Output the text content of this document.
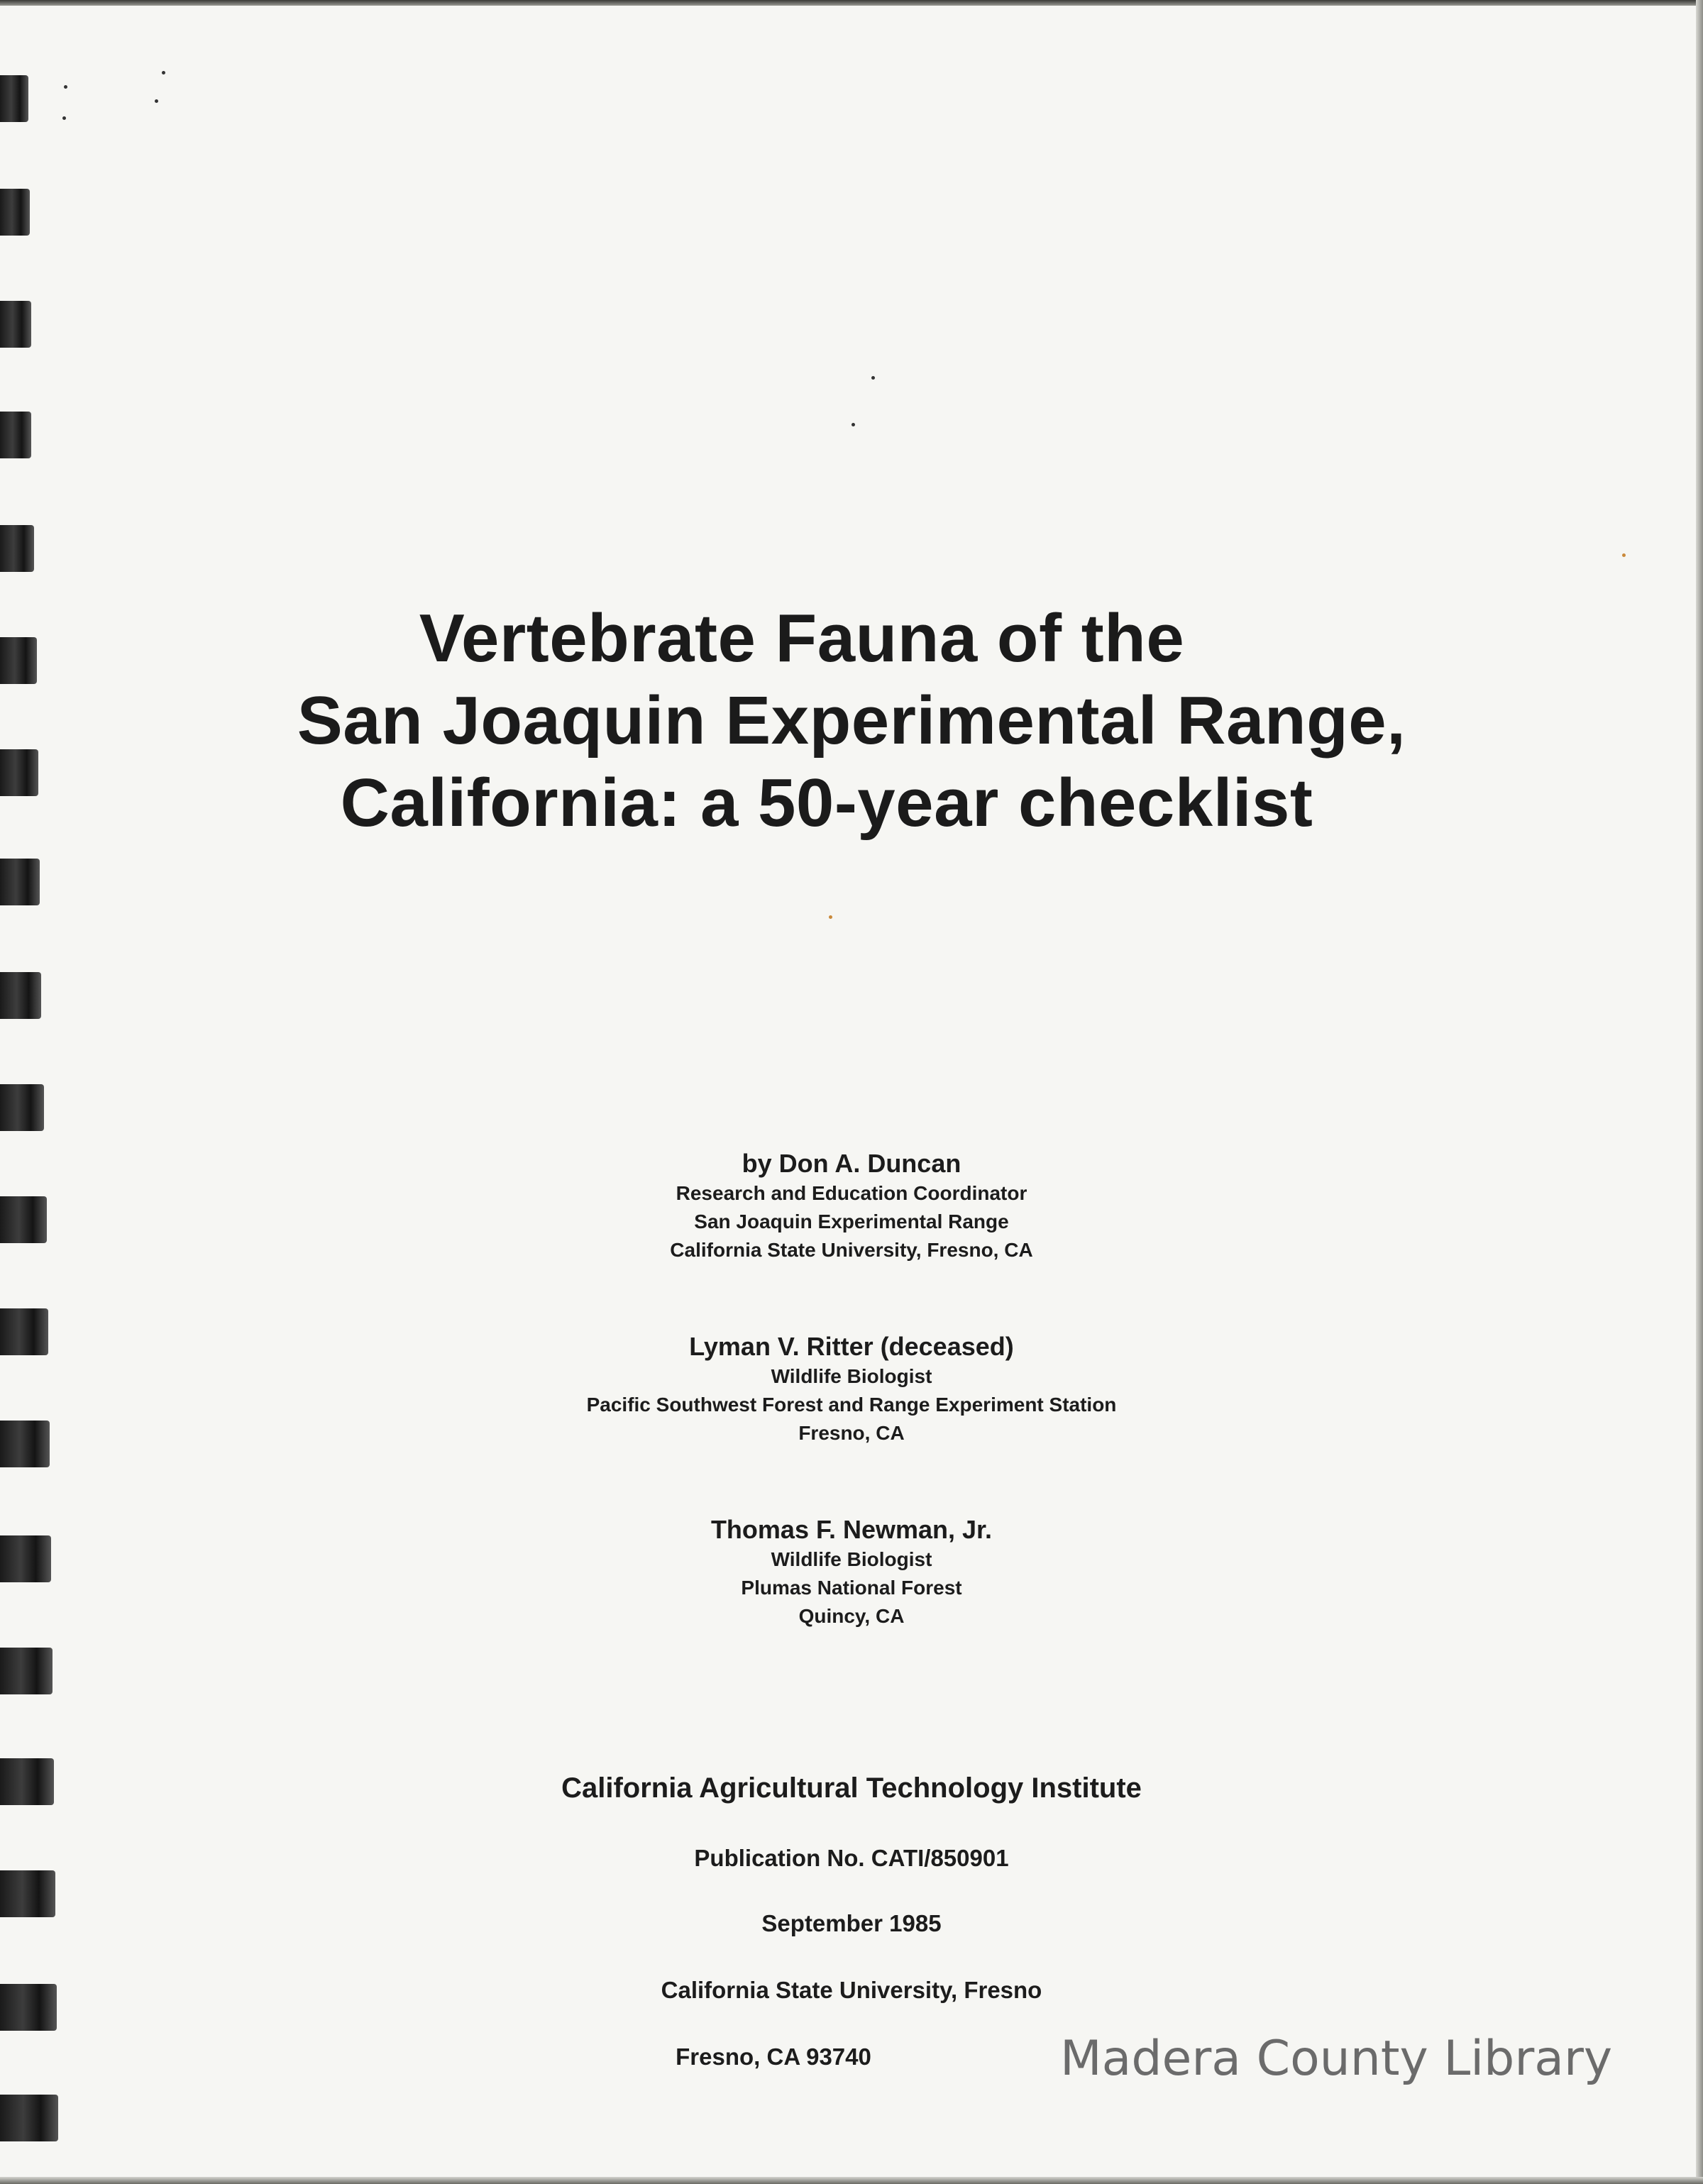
Vertebrate Fauna of the
San Joaquin Experimental Range,
California: a 50-year checklist
by Don A. Duncan
Research and Education Coordinator
San Joaquin Experimental Range
California State University, Fresno, CA
Lyman V. Ritter (deceased)
Wildlife Biologist
Pacific Southwest Forest and Range Experiment Station
Fresno, CA
Thomas F. Newman, Jr.
Wildlife Biologist
Plumas National Forest
Quincy, CA
California Agricultural Technology Institute
Publication No. CATI/850901
September 1985
California State University, Fresno
Fresno, CA 93740	Madera County Library
